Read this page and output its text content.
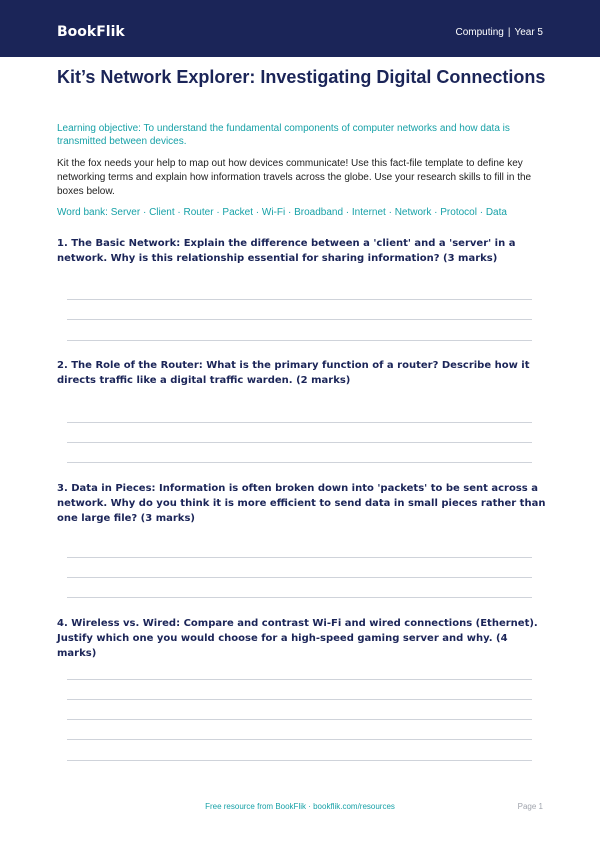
BookFlik	Computing | Year 5
Kit’s Network Explorer: Investigating Digital Connections
Learning objective: To understand the fundamental components of computer networks and how data is transmitted between devices.
Kit the fox needs your help to map out how devices communicate! Use this fact-file template to define key networking terms and explain how information travels across the globe. Use your research skills to fill in the boxes below.
Word bank: Server · Client · Router · Packet · Wi-Fi · Broadband · Internet · Network · Protocol · Data
1. The Basic Network: Explain the difference between a 'client' and a 'server' in a network. Why is this relationship essential for sharing information? (3 marks)
2. The Role of the Router: What is the primary function of a router? Describe how it directs traffic like a digital traffic warden. (2 marks)
3. Data in Pieces: Information is often broken down into 'packets' to be sent across a network. Why do you think it is more efficient to send data in small pieces rather than one large file? (3 marks)
4. Wireless vs. Wired: Compare and contrast Wi-Fi and wired connections (Ethernet). Justify which one you would choose for a high-speed gaming server and why. (4 marks)
Free resource from BookFlik · bookflik.com/resources	Page 1
